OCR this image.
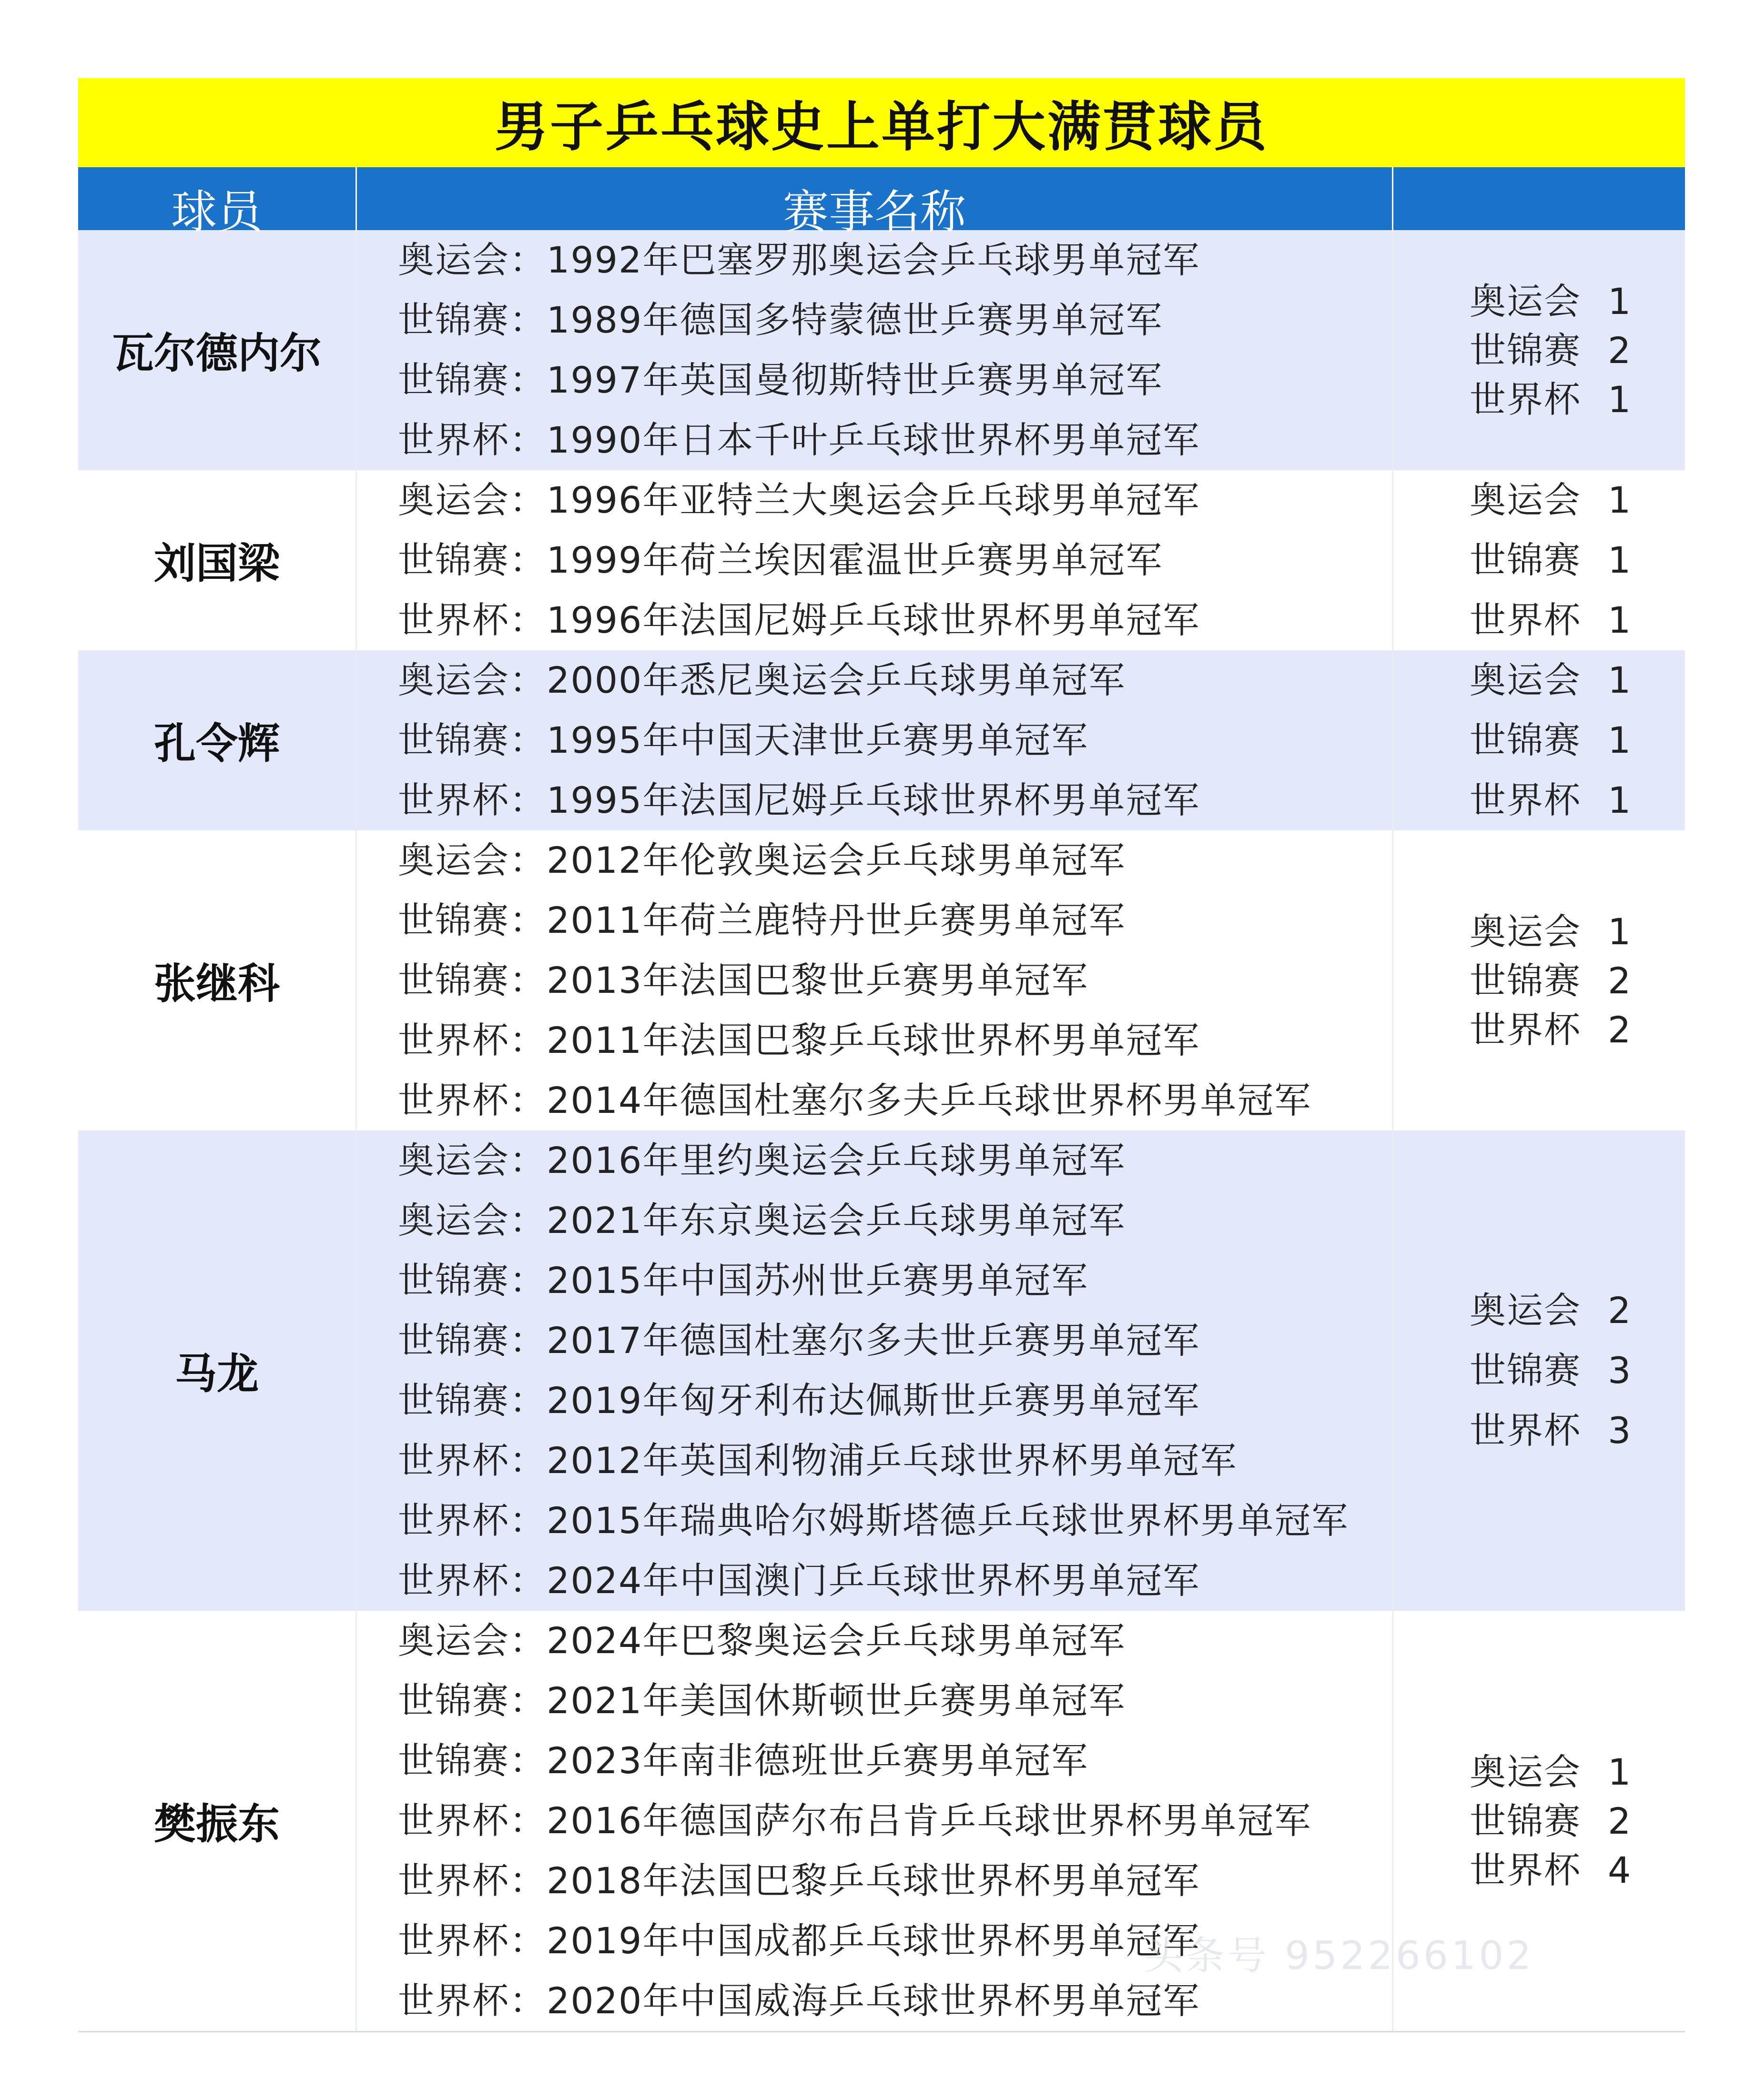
男子乒乓球史上单打大满贯球员
球员	赛事名称
瓦尔德内尔
奥运会：1992年巴塞罗那奥运会乒乓球男单冠军
世锦赛：1989年德国多特蒙德世乒赛男单冠军
世锦赛：1997年英国曼彻斯特世乒赛男单冠军
世界杯：1990年日本千叶乒乓球世界杯男单冠军
奥运会 1
世锦赛 2
世界杯 1
刘国梁
奥运会：1996年亚特兰大奥运会乒乓球男单冠军
世锦赛：1999年荷兰埃因霍温世乒赛男单冠军
世界杯：1996年法国尼姆乒乓球世界杯男单冠军
奥运会 1
世锦赛 1
世界杯 1
孔令辉
奥运会：2000年悉尼奥运会乒乓球男单冠军
世锦赛：1995年中国天津世乒赛男单冠军
世界杯：1995年法国尼姆乒乓球世界杯男单冠军
奥运会 1
世锦赛 1
世界杯 1
张继科
奥运会：2012年伦敦奥运会乒乓球男单冠军
世锦赛：2011年荷兰鹿特丹世乒赛男单冠军
世锦赛：2013年法国巴黎世乒赛男单冠军
世界杯：2011年法国巴黎乒乓球世界杯男单冠军
世界杯：2014年德国杜塞尔多夫乒乓球世界杯男单冠军
奥运会 1
世锦赛 2
世界杯 2
马龙
奥运会：2016年里约奥运会乒乓球男单冠军
奥运会：2021年东京奥运会乒乓球男单冠军
世锦赛：2015年中国苏州世乒赛男单冠军
世锦赛：2017年德国杜塞尔多夫世乒赛男单冠军
世锦赛：2019年匈牙利布达佩斯世乒赛男单冠军
世界杯：2012年英国利物浦乒乓球世界杯男单冠军
世界杯：2015年瑞典哈尔姆斯塔德乒乓球世界杯男单冠军
世界杯：2024年中国澳门乒乓球世界杯男单冠军
奥运会 2
世锦赛 3
世界杯 3
樊振东
奥运会：2024年巴黎奥运会乒乓球男单冠军
世锦赛：2021年美国休斯顿世乒赛男单冠军
世锦赛：2023年南非德班世乒赛男单冠军
世界杯：2016年德国萨尔布吕肯乒乓球世界杯男单冠军
世界杯：2018年法国巴黎乒乓球世界杯男单冠军
世界杯：2019年中国成都乒乓球世界杯男单冠军
世界杯：2020年中国威海乒乓球世界杯男单冠军
奥运会 1
世锦赛 2
世界杯 4
头条号 952266102
